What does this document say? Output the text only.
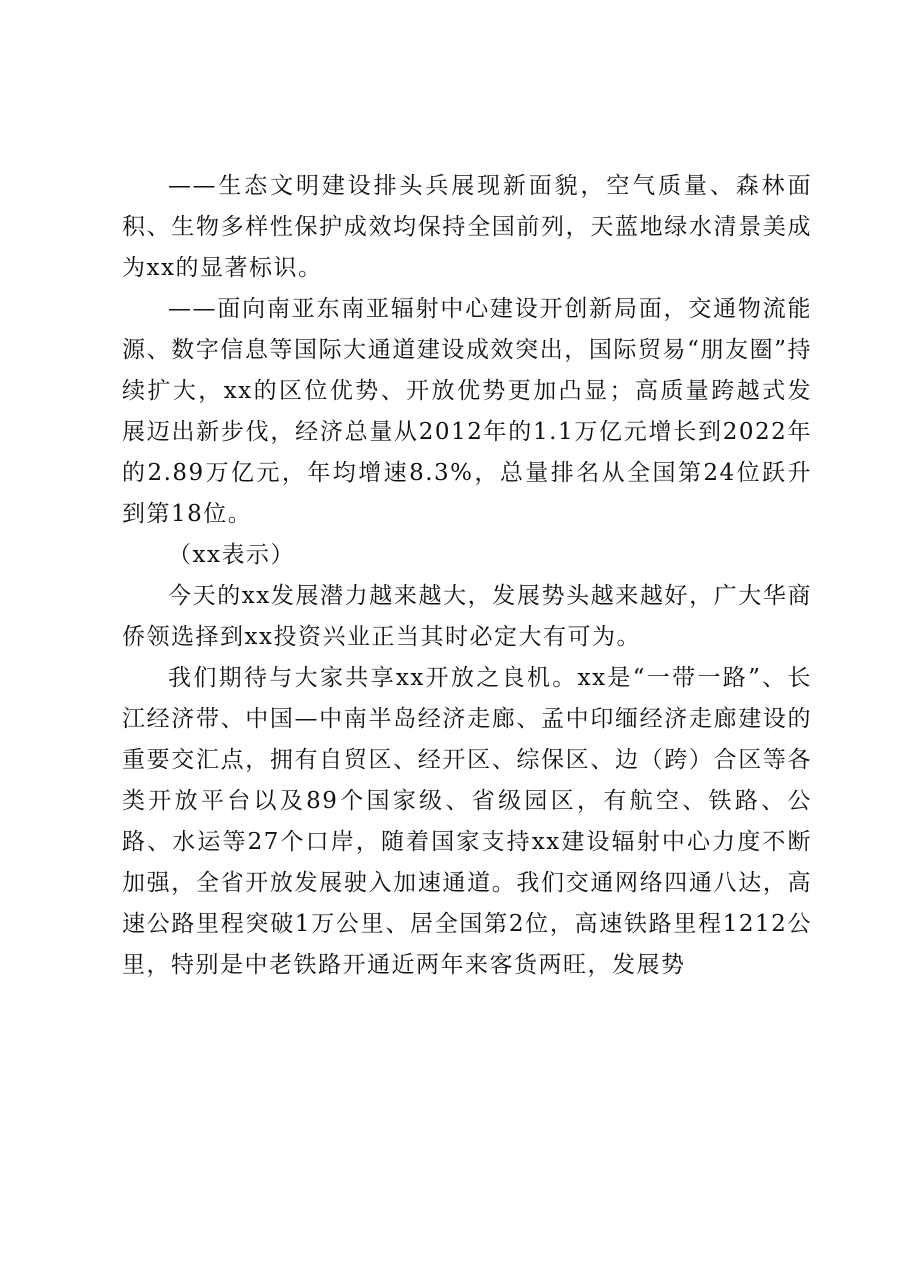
——生态文明建设排头兵展现新面貌，空气质量、森林面积、生物多样性保护成效均保持全国前列，天蓝地绿水清景美成为xx的显著标识。

——面向南亚东南亚辐射中心建设开创新局面，交通物流能源、数字信息等国际大通道建设成效突出，国际贸易“朋友圈”持续扩大，xx的区位优势、开放优势更加凸显；高质量跨越式发展迈出新步伐，经济总量从2012年的1.1万亿元增长到2022年的2.89万亿元，年均增速8.3%，总量排名从全国第24位跃升到第18位。

（xx表示）

今天的xx发展潜力越来越大，发展势头越来越好，广大华商侨领选择到xx投资兴业正当其时必定大有可为。

我们期待与大家共享xx开放之良机。xx是“一带一路”、长江经济带、中国—中南半岛经济走廊、孟中印缅经济走廊建设的重要交汇点，拥有自贸区、经开区、综保区、边（跨）合区等各类开放平台以及89个国家级、省级园区，有航空、铁路、公路、水运等27个口岸，随着国家支持xx建设辐射中心力度不断加强，全省开放发展驶入加速通道。我们交通网络四通八达，高速公路里程突破1万公里、居全国第2位，高速铁路里程1212公里，特别是中老铁路开通近两年来客货两旺，发展势
